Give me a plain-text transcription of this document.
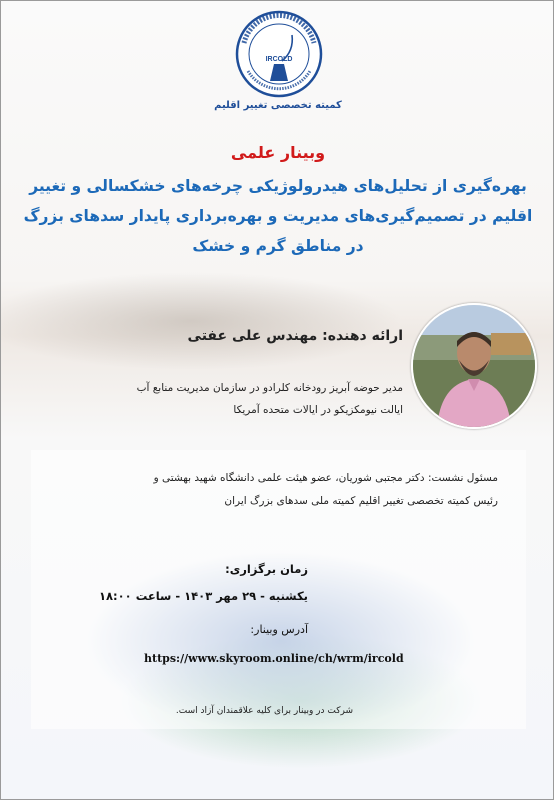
IRCOLD
کمیته تخصصی تغییر اقلیم
وبینار علمی
بهره‌گیری از تحلیل‌های هیدرولوژیکی چرخه‌های خشکسالی و تغییر
اقلیم در تصمیم‌گیری‌های مدیریت و بهره‌برداری پایدار سدهای بزرگ
در مناطق گرم و خشک
ارائه دهنده: مهندس علی عفتی
مدیر حوضه آبریز رودخانه کلرادو در سازمان مدیریت منابع آب
ایالت نیومکزیکو در ایالات متحده آمریکا
مسئول نشست: دکتر مجتبی شوریان، عضو هیئت علمی دانشگاه شهید بهشتی و
رئیس کمیته تخصصی تغییر اقلیم کمیته ملی سدهای بزرگ ایران
زمان برگزاری:
یکشنبه - ۲۹ مهر ۱۴۰۳ - ساعت ۱۸:۰۰
آدرس وبینار:
https://www.skyroom.online/ch/wrm/ircold
شرکت در وبینار برای کلیه علاقمندان آزاد است.
